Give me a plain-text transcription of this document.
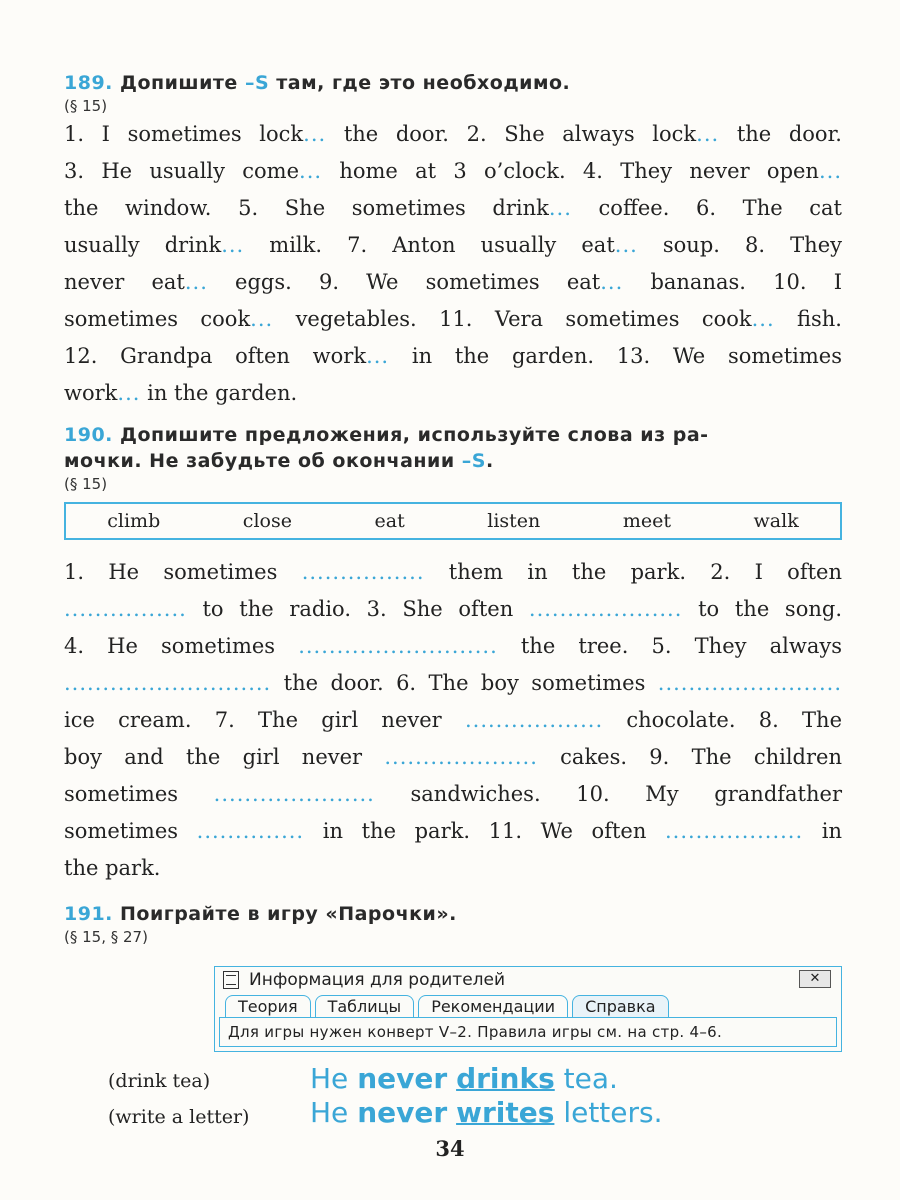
189. Допишите –S там, где это необходимо.
(§ 15)
1. I sometimes lock... the door. 2. She always lock... the door.
3. He usually come... home at 3 o’clock. 4. They never open...
the window. 5. She sometimes drink... coffee. 6. The cat
usually drink... milk. 7. Anton usually eat... soup. 8. They
never eat... eggs. 9. We sometimes eat... bananas. 10. I
sometimes cook... vegetables. 11. Vera sometimes cook... fish.
12. Grandpa often work... in the garden. 13. We sometimes
work... in the garden.
190. Допишите предложения, используйте слова из ра-
мочки. Не забудьте об окончании –S.
(§ 15)
climb	close	eat	listen	meet	walk
1. He sometimes ................ them in the park. 2. I often
................ to the radio. 3. She often .................... to the song.
4. He sometimes .......................... the tree. 5. They always
........................... the door. 6. The boy sometimes ........................
ice cream. 7. The girl never .................. chocolate. 8. The
boy and the girl never .................... cakes. 9. The children
sometimes ..................... sandwiches. 10. My grandfather
sometimes .............. in the park. 11. We often .................. in
the park.
191. Поиграйте в игру «Парочки».
(§ 15, § 27)
Информация для родителей	✕
Теория	Таблицы	Рекомендации	Справка
Для игры нужен конверт V–2. Правила игры см. на стр. 4–6.
(drink tea)	He never drinks tea.
(write a letter) He never writes letters.
34
